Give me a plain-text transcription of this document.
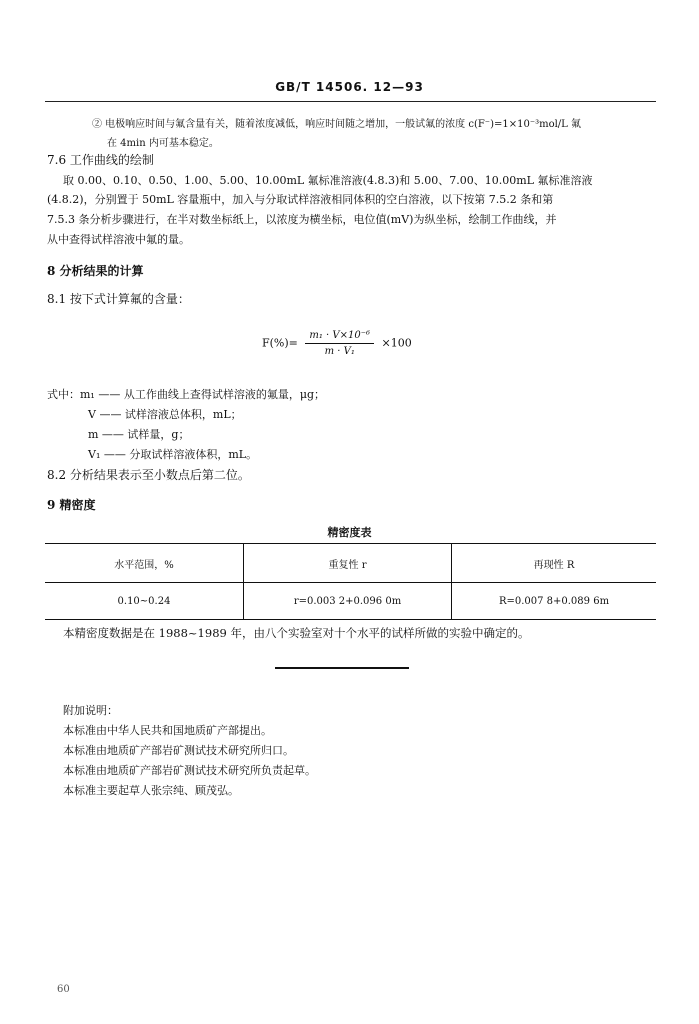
GB/T 14506. 12—93
② 电极响应时间与氟含量有关，随着浓度减低，响应时间随之增加，一般试氟的浓度 c(F⁻)=1×10⁻³mol/L 氟
在 4min 内可基本稳定。
7.6 工作曲线的绘制
取 0.00、0.10、0.50、1.00、5.00、10.00mL 氟标准溶液(4.8.3)和 5.00、7.00、10.00mL 氟标准溶液
(4.8.2)，分别置于 50mL 容量瓶中，加入与分取试样溶液相同体积的空白溶液，以下按第 7.5.2 条和第
7.5.3 条分析步骤进行，在半对数坐标纸上，以浓度为横坐标，电位值(mV)为纵坐标，绘制工作曲线，并
从中查得试样溶液中氟的量。
8 分析结果的计算
8.1 按下式计算氟的含量：
$F(\%)= \frac{\text{m₁ · V×10⁻⁶}}{\text{m · V₁}} \times 100$
式中：m₁ —— 从工作曲线上查得试样溶液的氟量，μg；
V —— 试样溶液总体积，mL；
m —— 试样量，g；
V₁ —— 分取试样溶液体积，mL。
8.2 分析结果表示至小数点后第二位。
9 精密度
精密度表
水平范围，%	重复性 r	再现性 R
0.10~0.24	r=0.003 2+0.096 0m	R=0.007 8+0.089 6m
本精密度数据是在 1988~1989 年，由八个实验室对十个水平的试样所做的实验中确定的。
附加说明：
本标准由中华人民共和国地质矿产部提出。
本标准由地质矿产部岩矿测试技术研究所归口。
本标准由地质矿产部岩矿测试技术研究所负责起草。
本标准主要起草人张宗纯、顾茂弘。
60
